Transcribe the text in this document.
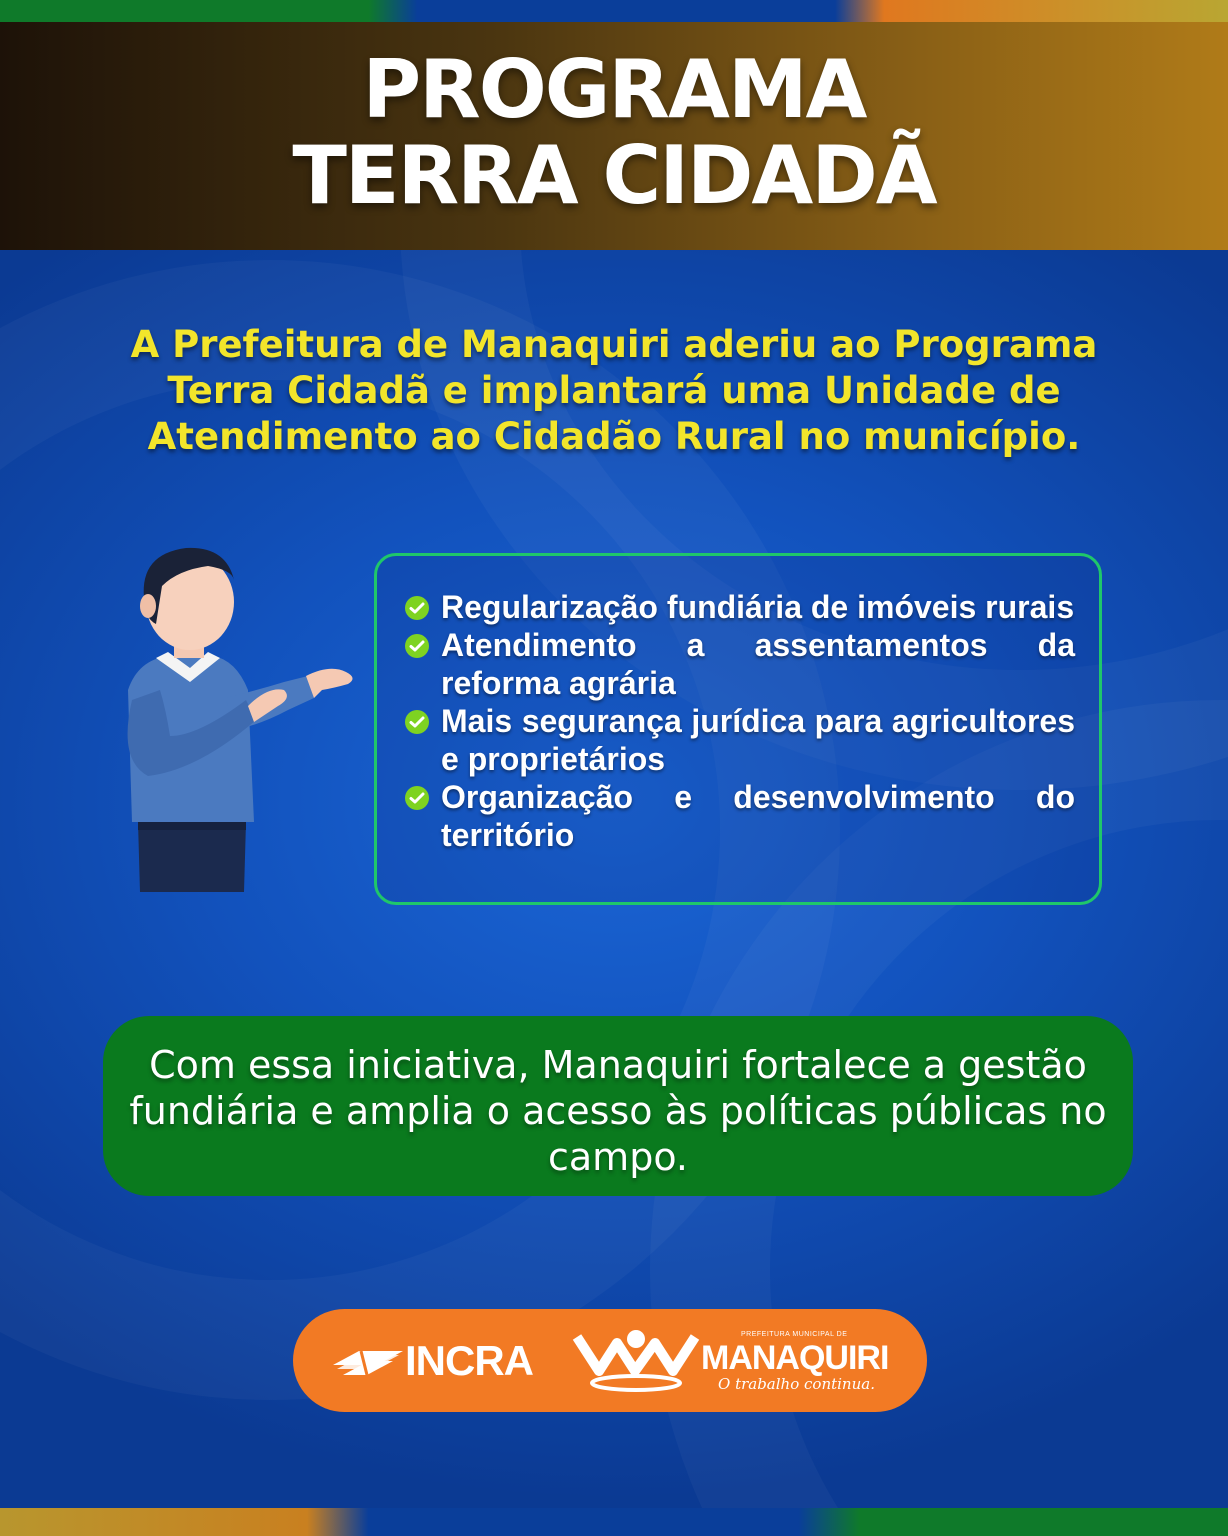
PROGRAMA
TERRA CIDADÃ

A Prefeitura de Manaquiri aderiu ao Programa Terra Cidadã e implantará uma Unidade de Atendimento ao Cidadão Rural no município.

Regularização fundiária de imóveis rurais
Atendimento a assentamentos da reforma agrária
Mais segurança jurídica para agricultores e proprietários
Organização e desenvolvimento do território

Com essa iniciativa, Manaquiri fortalece a gestão fundiária e amplia o acesso às políticas públicas no campo.

INCRA
PREFEITURA MUNICIPAL DE
MANAQUIRI
O trabalho continua.
